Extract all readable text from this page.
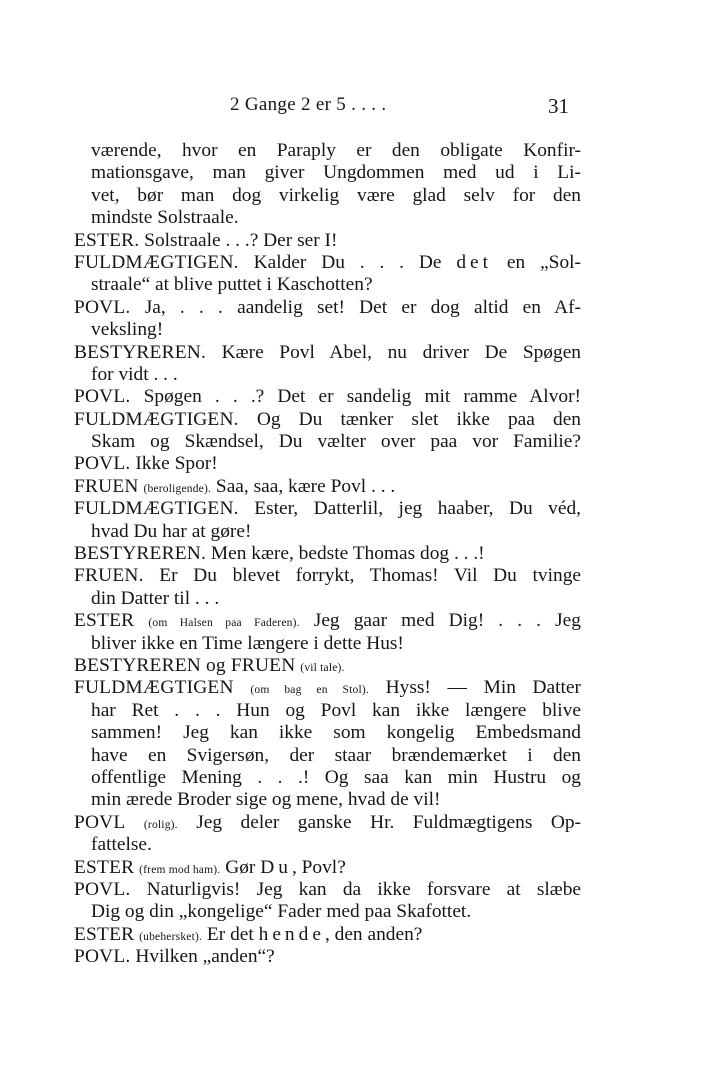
2 Gange 2 er 5 . . . .	31
værende, hvor en Paraply er den obligate Konfir-
mationsgave, man giver Ungdommen med ud i Li-
vet, bør man dog virkelig være glad selv for den
mindste Solstraale.
ESTER. Solstraale . . .? Der ser I!
FULDMÆGTIGEN. Kalder Du . . . De det en „Sol-
straale“ at blive puttet i Kaschotten?
POVL. Ja, . . . aandelig set! Det er dog altid en Af-
veksling!
BESTYREREN. Kære Povl Abel, nu driver De Spøgen
for vidt . . .
POVL. Spøgen . . .? Det er sandelig mit ramme Alvor!
FULDMÆGTIGEN. Og Du tænker slet ikke paa den
Skam og Skændsel, Du vælter over paa vor Familie?
POVL. Ikke Spor!
FRUEN (beroligende). Saa, saa, kære Povl . . .
FULDMÆGTIGEN. Ester, Datterlil, jeg haaber, Du véd,
hvad Du har at gøre!
BESTYREREN. Men kære, bedste Thomas dog . . .!
FRUEN. Er Du blevet forrykt, Thomas! Vil Du tvinge
din Datter til . . .
ESTER (om Halsen paa Faderen). Jeg gaar med Dig! . . . Jeg
bliver ikke en Time længere i dette Hus!
BESTYREREN og FRUEN (vil tale).
FULDMÆGTIGEN (om bag en Stol). Hyss! — Min Datter
har Ret . . . Hun og Povl kan ikke længere blive
sammen! Jeg kan ikke som kongelig Embedsmand
have en Svigersøn, der staar brændemærket i den
offentlige Mening . . .! Og saa kan min Hustru og
min ærede Broder sige og mene, hvad de vil!
POVL (rolig). Jeg deler ganske Hr. Fuldmægtigens Op-
fattelse.
ESTER (frem mod ham). Gør Du, Povl?
POVL. Naturligvis! Jeg kan da ikke forsvare at slæbe
Dig og din „kongelige“ Fader med paa Skafottet.
ESTER (ubehersket). Er det hende, den anden?
POVL. Hvilken „anden“?
